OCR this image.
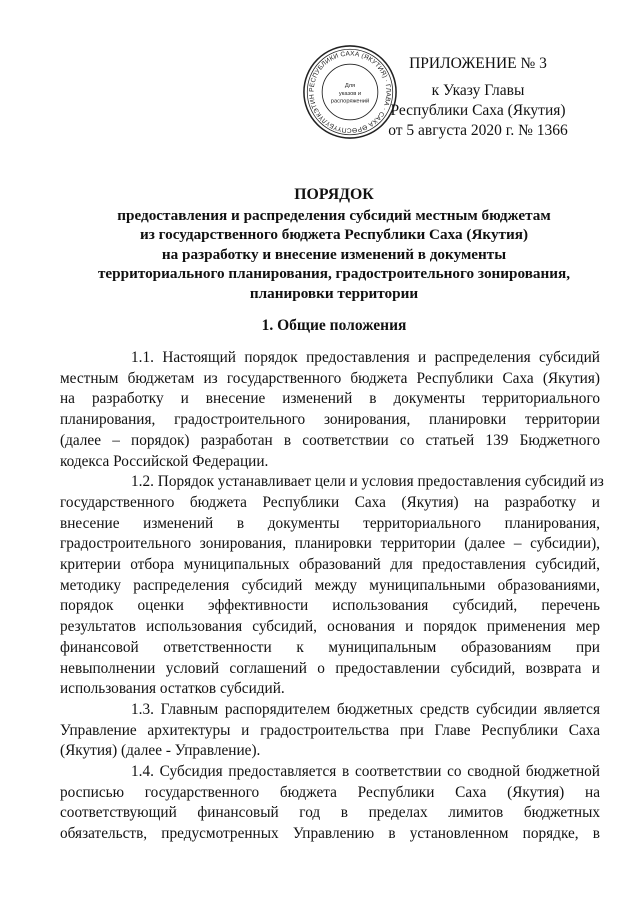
РЕСПУБЛИКИ САХА (ЯКУТИЯ) · ГЛАВА · САХА ӨРӨСПҮҮБҮЛҮКЭТИН
Для
указов и
распоряжений
ПРИЛОЖЕНИЕ № 3
к Указу Главы
Республики Саха (Якутия)
от 5 августа 2020 г. № 1366
ПОРЯДОК
предоставления и распределения субсидий местным бюджетам
из государственного бюджета Республики Саха (Якутия)
на разработку и внесение изменений в документы
территориального планирования, градостроительного зонирования,
планировки территории
1. Общие положения
1.1. Настоящий порядок предоставления и распределения субсидий
местным бюджетам из государственного бюджета Республики Саха (Якутия)
на разработку и внесение изменений в документы территориального
планирования, градостроительного зонирования, планировки территории
(далее – порядок) разработан в соответствии со статьей 139 Бюджетного
кодекса Российской Федерации.
1.2. Порядок устанавливает цели и условия предоставления субсидий из
государственного бюджета Республики Саха (Якутия) на разработку и
внесение изменений в документы территориального планирования,
градостроительного зонирования, планировки территории (далее – субсидии),
критерии отбора муниципальных образований для предоставления субсидий,
методику распределения субсидий между муниципальными образованиями,
порядок оценки эффективности использования субсидий, перечень
результатов использования субсидий, основания и порядок применения мер
финансовой ответственности к муниципальным образованиям при
невыполнении условий соглашений о предоставлении субсидий, возврата и
использования остатков субсидий.
1.3. Главным распорядителем бюджетных средств субсидии является
Управление архитектуры и градостроительства при Главе Республики Саха
(Якутия) (далее - Управление).
1.4. Субсидия предоставляется в соответствии со сводной бюджетной
росписью государственного бюджета Республики Саха (Якутия) на
соответствующий финансовый год в пределах лимитов бюджетных
обязательств, предусмотренных Управлению в установленном порядке, в
